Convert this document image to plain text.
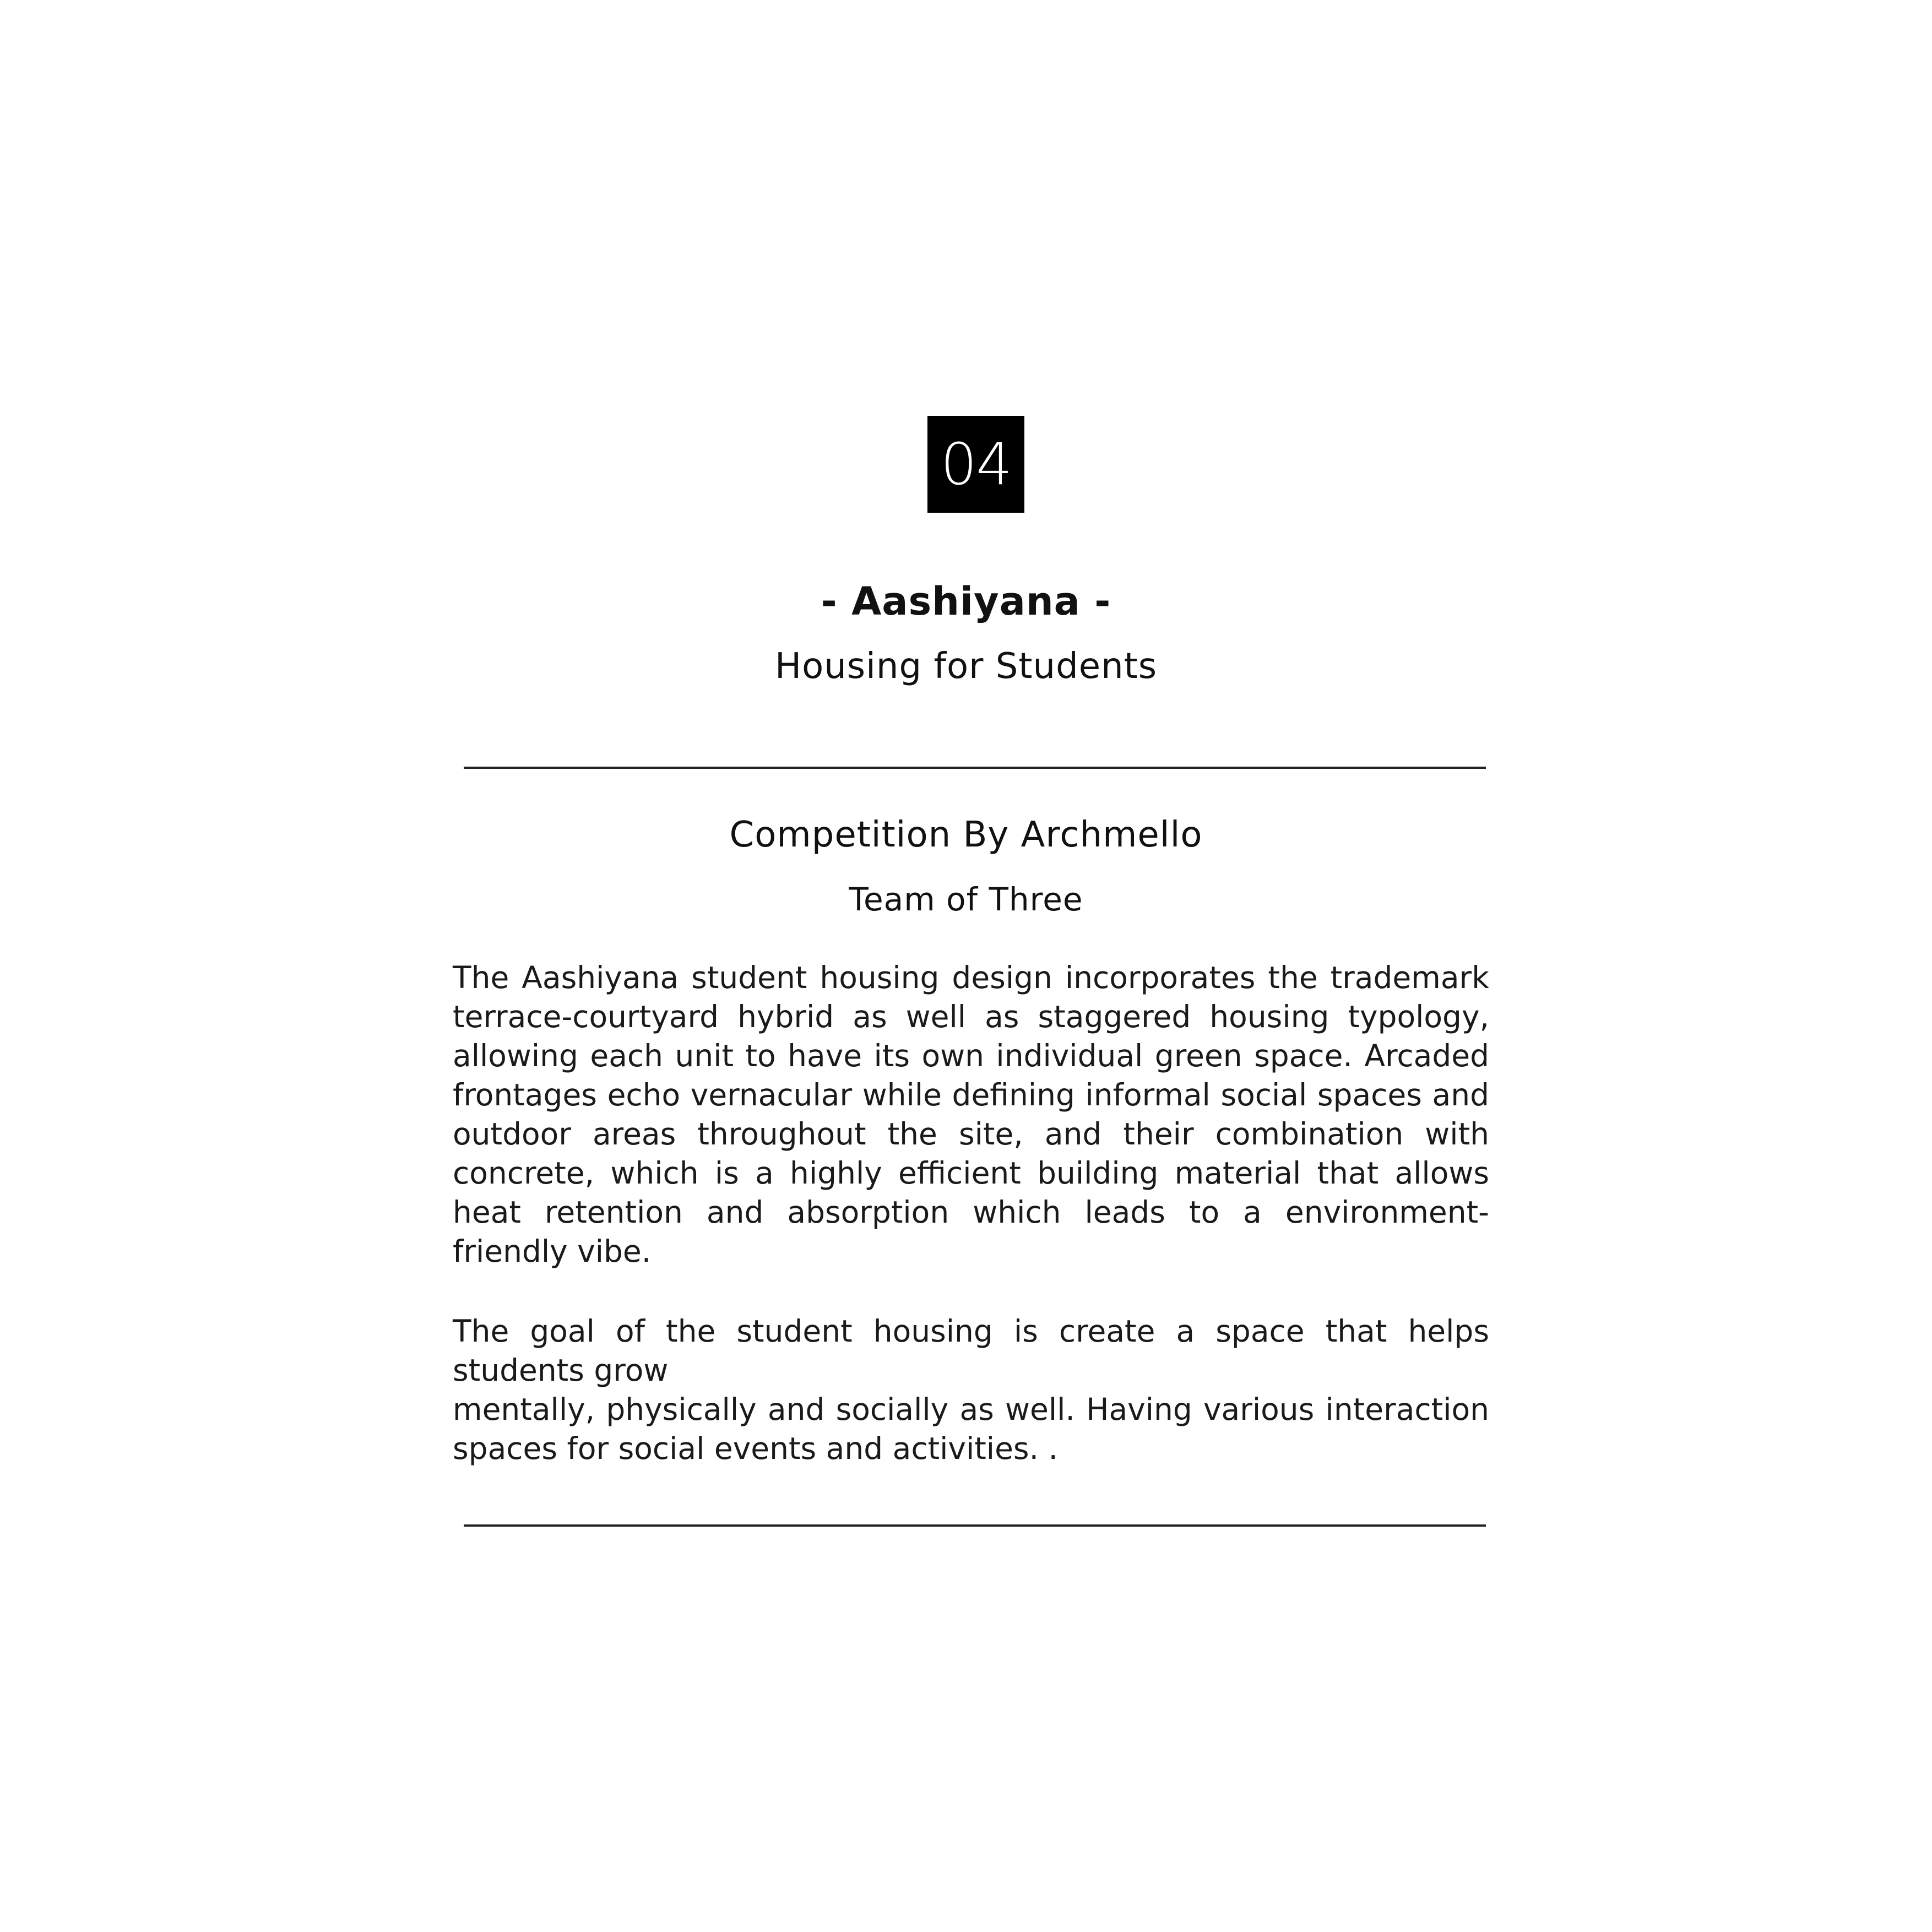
04
- Aashiyana -
Housing for Students
Competition By Archmello
Team of Three
The Aashiyana student housing design incorporates the trademark terrace-courtyard hybrid as well as staggered housing typology, allowing each unit to have its own individual green space. Arcaded frontages echo vernacular while defining informal social spaces and outdoor areas throughout the site, and their combination with concrete, which is a highly efficient building material that allows heat retention and absorption which leads to a environment-friendly vibe.
The goal of the student housing is create a space that helps students grow
mentally, physically and socially as well. Having various interaction spaces for social events and activities. .
